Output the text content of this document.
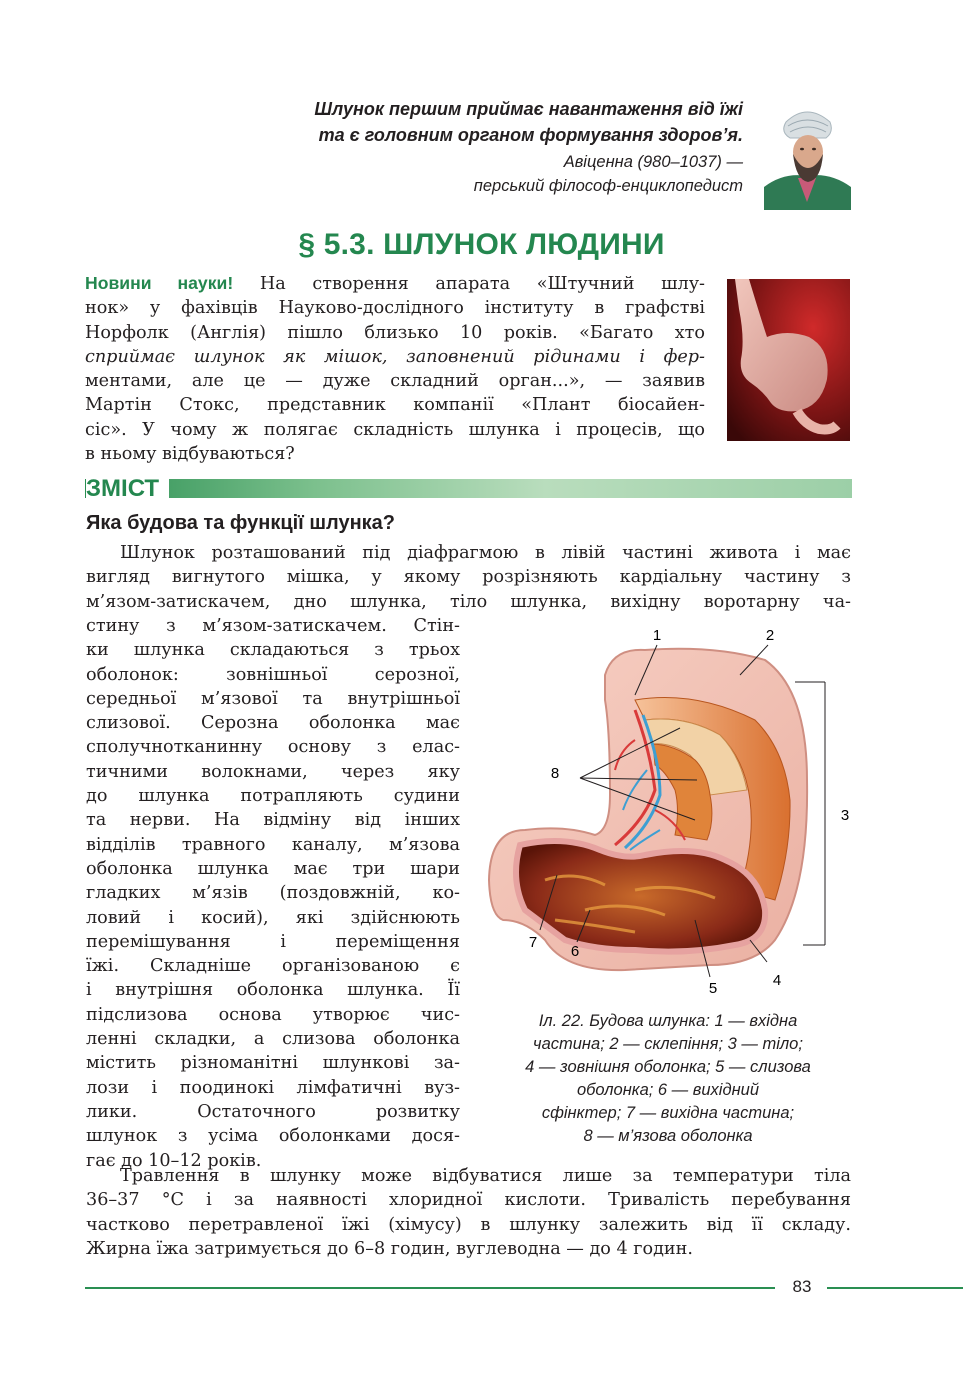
Шлунок першим приймає навантаження від їжі
та є головним органом формування здоров’я.
Авіценна (980–1037) —
перський філософ-енциклопедист
§ 5.3. ШЛУНОК ЛЮДИНИ
Новини науки! На створення апарата «Штучний шлу-
нок» у фахівців Науково-дослідного інституту в графстві
Норфолк (Англія) пішло близько 10 років. «Багато хто
сприймає шлунок як мішок, заповнений рідинами і фер-
ментами, але це — дуже складний орган...», — заявив
Мартін Стокс, представник компанії «Плант біосайен-
сіс». У чому ж полягає складність шлунка і процесів, що
в ньому відбуваються?
ЗМІСТ
Яка будова та функції шлунка?
Шлунок розташований під діафрагмою в лівій частині живота і має
вигляд вигнутого мішка, у якому розрізняють кардіальну частину з
м’язом-затискачем, дно шлунка, тіло шлунка, вихідну воротарну ча-
стину з м’язом-затискачем. Стін-
ки шлунка складаються з трьох
оболонок: зовнішньої серозної,
середньої м’язової та внутрішньої
слизової. Серозна оболонка має
сполучнотканинну основу з елас-
тичними волокнами, через яку
до шлунка потрапляють судини
та нерви. На відміну від інших
відділів травного каналу, м’язова
оболонка шлунка має три шари
гладких м’язів (поздовжній, ко-
ловий і косий), які здійснюють
перемішування і переміщення
їжі. Складніше організованою є
і внутрішня оболонка шлунка. Її
підслизова основа утворює чис-
ленні складки, а слизова оболонка
містить різноманітні шлункові за-
лози і поодинокі лімфатичні вуз-
лики. Остаточного розвитку
шлунок з усіма оболонками дося-
гає до 10–12 років.
1	2
3
4
5
6
7
8
Іл. 22. Будова шлунка: 1 — вхідна
частина; 2 — склепіння; 3 — тіло;
4 — зовнішня оболонка; 5 — слизова
оболонка; 6 — вихідний
сфінктер; 7 — вихідна частина;
8 — м’язова оболонка
Травлення в шлунку може відбуватися лише за температури тіла
36–37 °С і за наявності хлоридної кислоти. Тривалість перебування
частково перетравленої їжі (хімусу) в шлунку залежить від її складу.
Жирна їжа затримується до 6–8 годин, вуглеводна — до 4 годин.
83
